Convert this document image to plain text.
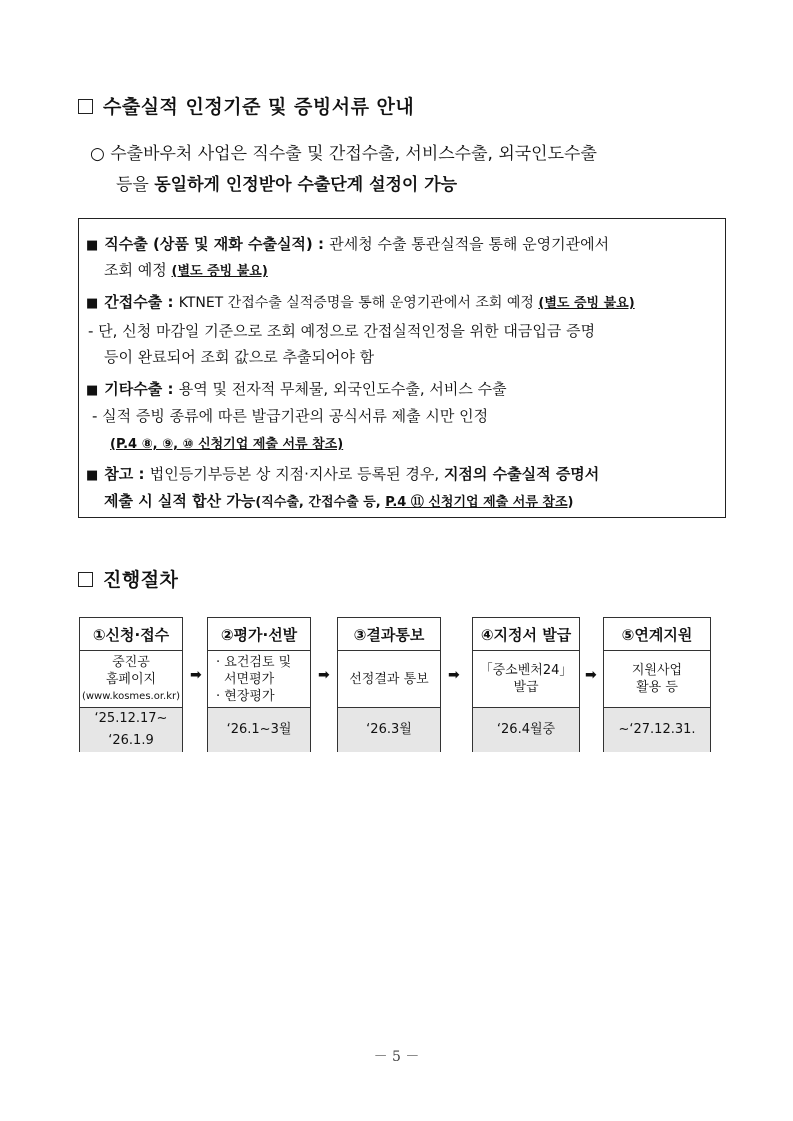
수출실적 인정기준 및 증빙서류 안내
○ 수출바우처 사업은 직수출 및 간접수출, 서비스수출, 외국인도수출
등을 동일하게 인정받아 수출단계 설정이 가능
■ 직수출 (상품 및 재화 수출실적) : 관세청 수출 통관실적을 통해 운영기관에서
조회 예정 (별도 증빙 불요)
■ 간접수출 : KTNET 간접수출 실적증명을 통해 운영기관에서 조회 예정 (별도 증빙 불요)
- 단, 신청 마감일 기준으로 조회 예정으로 간접실적인정을 위한 대금입금 증명
등이 완료되어 조회 값으로 추출되어야 함
■ 기타수출 : 용역 및 전자적 무체물, 외국인도수출, 서비스 수출
- 실적 증빙 종류에 따른 발급기관의 공식서류 제출 시만 인정
(P.4 ⑧, ⑨, ⑩ 신청기업 제출 서류 참조)
■ 참고 : 법인등기부등본 상 지점·지사로 등록된 경우, 지점의 수출실적 증명서
제출 시 실적 합산 가능(직수출, 간접수출 등, P.4 ⑪ 신청기업 제출 서류 참조)
진행절차
①신청·접수
중진공
홈페이지
(www.kosmes.or.kr)
‘25.12.17~
‘26.1.9
➡
②평가·선발
· 요건검토 및
서면평가
· 현장평가
‘26.1~3월
➡
③결과통보
선정결과 통보
‘26.3월
➡
④지정서 발급
「중소벤처24」
발급
‘26.4월중
➡
⑤연계지원
지원사업
활용 등
~‘27.12.31.
－ 5 －
